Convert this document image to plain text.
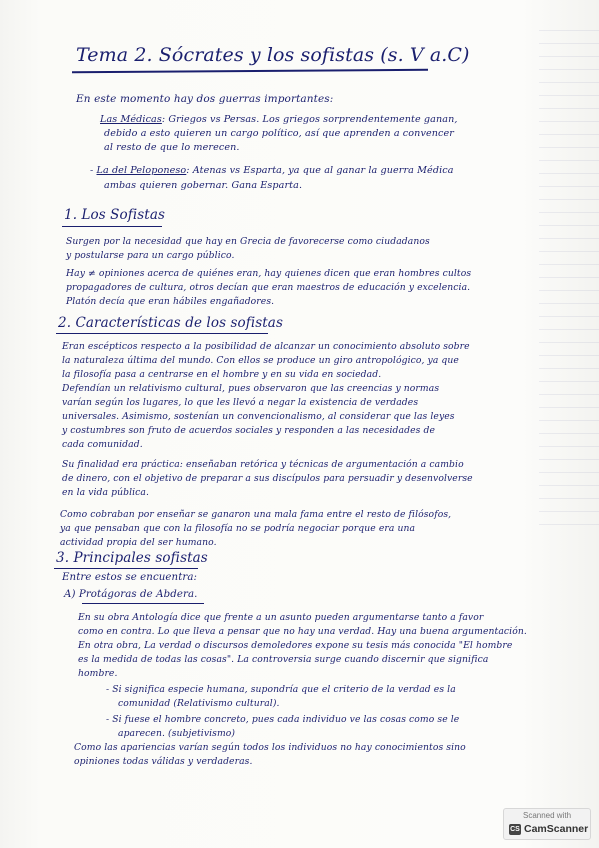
Tema 2. Sócrates y los sofistas (s. V a.C)
En este momento hay dos guerras importantes:
Las Médicas: Griegos vs Persas. Los griegos sorprendentemente ganan,
debido a esto quieren un cargo político, así que aprenden a convencer
al resto de que lo merecen.
- La del Peloponeso: Atenas vs Esparta, ya que al ganar la guerra Médica
ambas quieren gobernar. Gana Esparta.
1. Los Sofistas
Surgen por la necesidad que hay en Grecia de favorecerse como ciudadanos
y postularse para un cargo público.
Hay ≠ opiniones acerca de quiénes eran, hay quienes dicen que eran hombres cultos
propagadores de cultura, otros decían que eran maestros de educación y excelencia.
Platón decía que eran hábiles engañadores.
2. Características de los sofistas
Eran escépticos respecto a la posibilidad de alcanzar un conocimiento absoluto sobre
la naturaleza última del mundo. Con ellos se produce un giro antropológico, ya que
la filosofía pasa a centrarse en el hombre y en su vida en sociedad.
Defendían un relativismo cultural, pues observaron que las creencias y normas
varían según los lugares, lo que les llevó a negar la existencia de verdades
universales. Asimismo, sostenían un convencionalismo, al considerar que las leyes
y costumbres son fruto de acuerdos sociales y responden a las necesidades de
cada comunidad.
Su finalidad era práctica: enseñaban retórica y técnicas de argumentación a cambio
de dinero, con el objetivo de preparar a sus discípulos para persuadir y desenvolverse
en la vida pública.
Como cobraban por enseñar se ganaron una mala fama entre el resto de filósofos,
ya que pensaban que con la filosofía no se podría negociar porque era una
actividad propia del ser humano.
3. Principales sofistas
Entre estos se encuentra:
A) Protágoras de Abdera.
En su obra Antología dice que frente a un asunto pueden argumentarse tanto a favor
como en contra. Lo que lleva a pensar que no hay una verdad. Hay una buena argumentación.
En otra obra, La verdad o discursos demoledores expone su tesis más conocida "El hombre
es la medida de todas las cosas". La controversia surge cuando discernir que significa
hombre.
- Si significa especie humana, supondría que el criterio de la verdad es la
comunidad (Relativismo cultural).
- Si fuese el hombre concreto, pues cada individuo ve las cosas como se le
aparecen. (subjetivismo)
Como las apariencias varían según todos los individuos no hay conocimientos sino
opiniones todas válidas y verdaderas.
Scanned with
CS CamScanner
